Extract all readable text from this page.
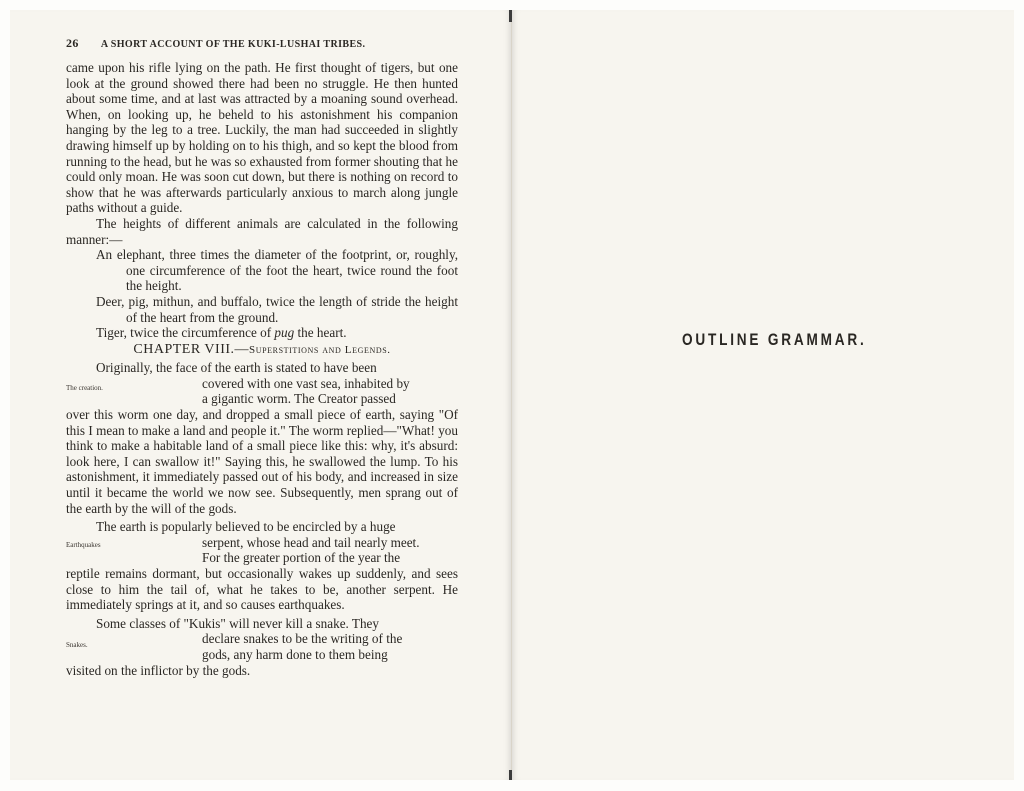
26 A SHORT ACCOUNT OF THE KUKI-LUSHAI TRIBES.

came upon his rifle lying on the path. He first thought of tigers, but one look at the ground showed there had been no struggle. He then hunted about some time, and at last was attracted by a moaning sound overhead. When, on looking up, he beheld to his astonishment his companion hanging by the leg to a tree. Luckily, the man had succeeded in slightly drawing himself up by holding on to his thigh, and so kept the blood from running to the head, but he was so exhausted from former shouting that he could only moan. He was soon cut down, but there is nothing on record to show that he was afterwards particularly anxious to march along jungle paths without a guide.

The heights of different animals are calculated in the following manner:—

An elephant, three times the diameter of the footprint, or, roughly, one circumference of the foot the heart, twice round the foot the height.

Deer, pig, mithun, and buffalo, twice the length of stride the height of the heart from the ground.

Tiger, twice the circumference of pug the heart.

CHAPTER VIII.—Superstitions and Legends.

Originally, the face of the earth is stated to have been

The creation.	covered with one vast sea, inhabited by

a gigantic worm. The Creator passed

over this worm one day, and dropped a small piece of earth, saying "Of this I mean to make a land and people it." The worm replied—"What! you think to make a habitable land of a small piece like this: why, it's absurd: look here, I can swallow it!" Saying this, he swallowed the lump. To his astonishment, it immediately passed out of his body, and increased in size until it became the world we now see. Subsequently, men sprang out of the earth by the will of the gods.

The earth is popularly believed to be encircled by a huge

Earthquakes	serpent, whose head and tail nearly meet.

For the greater portion of the year the

reptile remains dormant, but occasionally wakes up suddenly, and sees close to him the tail of, what he takes to be, another serpent. He immediately springs at it, and so causes earthquakes.

Some classes of "Kukis" will never kill a snake. They

Snakes.	declare snakes to be the writing of the

gods, any harm done to them being

visited on the inflictor by the gods.

OUTLINE GRAMMAR.
